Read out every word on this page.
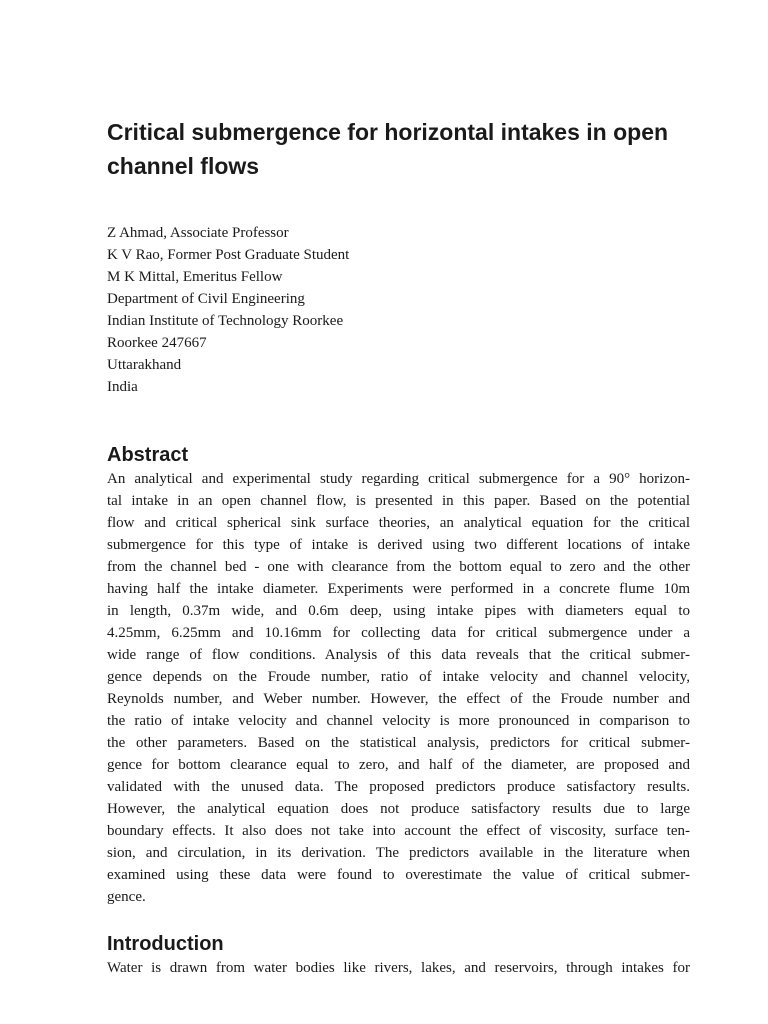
Critical submergence for horizontal intakes in open channel flows
Z Ahmad, Associate Professor
K V Rao, Former Post Graduate Student
M K Mittal, Emeritus Fellow
Department of Civil Engineering
Indian Institute of Technology Roorkee
Roorkee 247667
Uttarakhand
India
Abstract
An analytical and experimental study regarding critical submergence for a 90° horizon-
tal intake in an open channel flow, is presented in this paper. Based on the potential
flow and critical spherical sink surface theories, an analytical equation for the critical
submergence for this type of intake is derived using two different locations of intake
from the channel bed - one with clearance from the bottom equal to zero and the other
having half the intake diameter. Experiments were performed in a concrete flume 10m
in length, 0.37m wide, and 0.6m deep, using intake pipes with diameters equal to
4.25mm, 6.25mm and 10.16mm for collecting data for critical submergence under a
wide range of flow conditions. Analysis of this data reveals that the critical submer-
gence depends on the Froude number, ratio of intake velocity and channel velocity,
Reynolds number, and Weber number. However, the effect of the Froude number and
the ratio of intake velocity and channel velocity is more pronounced in comparison to
the other parameters. Based on the statistical analysis, predictors for critical submer-
gence for bottom clearance equal to zero, and half of the diameter, are proposed and
validated with the unused data. The proposed predictors produce satisfactory results.
However, the analytical equation does not produce satisfactory results due to large
boundary effects. It also does not take into account the effect of viscosity, surface ten-
sion, and circulation, in its derivation. The predictors available in the literature when
examined using these data were found to overestimate the value of critical submer-
gence.
Introduction
Water is drawn from water bodies like rivers, lakes, and reservoirs, through intakes for
